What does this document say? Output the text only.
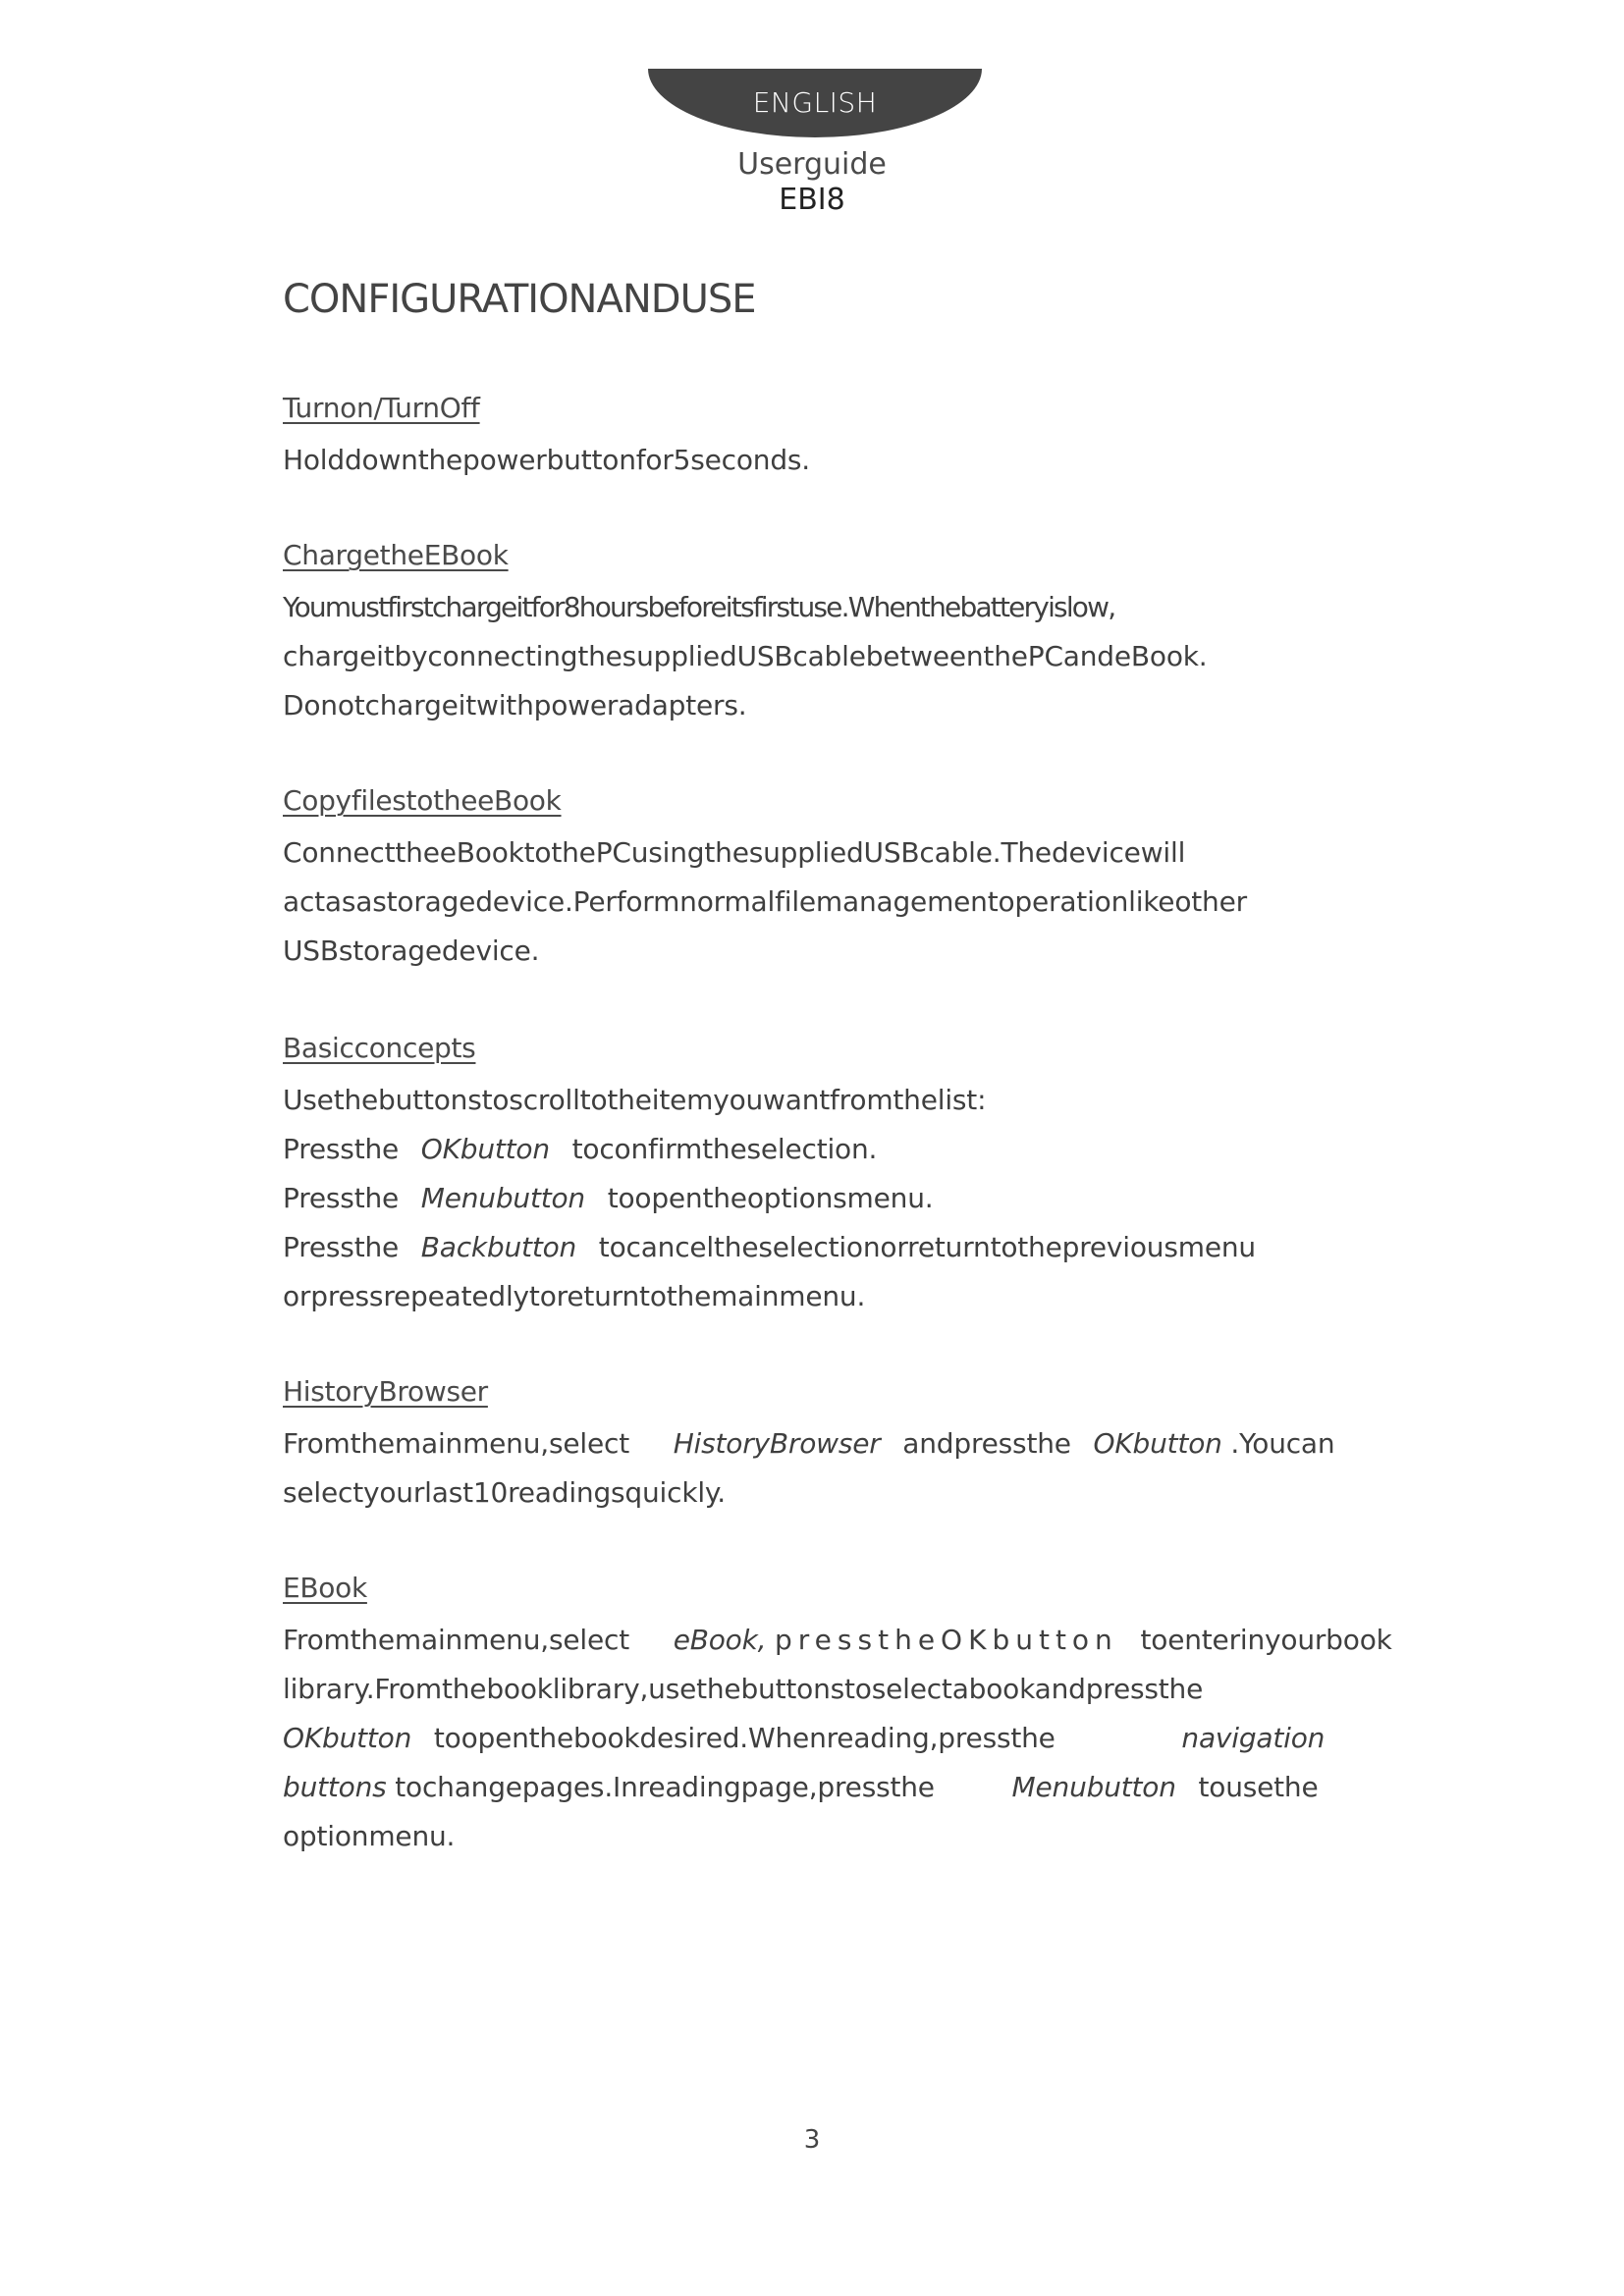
ENGLISH
Userguide
EBI8
CONFIGURATIONANDUSE
Turnon/TurnOff
Holddownthepowerbuttonfor5seconds.
ChargetheEBook
Youmustfirstchargeitfor8hoursbeforeitsfirstuse.Whenthebatteryislow,
chargeitbyconnectingthesuppliedUSBcablebetweenthePCandeBook.
Donotchargeitwithpoweradapters.
CopyfilestotheeBook
ConnecttheeBooktothePCusingthesuppliedUSBcable.Thedevicewill
actasastoragedevice.Performnormalfilemanagementoperationlikeother
USBstoragedevice.
Basicconcepts
Usethebuttonstoscrolltotheitemyouwantfromthelist:
Pressthe OKbutton toconfirmtheselection.
Pressthe Menubutton toopentheoptionsmenu.
Pressthe Backbutton tocanceltheselectionorreturntothepreviousmenu
orpressrepeatedlytoreturntothemainmenu.
HistoryBrowser
Fromthemainmenu,select HistoryBrowser andpressthe OKbutton .Youcan
selectyourlast10readingsquickly.
EBook
Fromthemainmenu,select eBook, presstheOKbutton toenterinyourbook
library.Fromthebooklibrary,usethebuttonstoselectabookandpressthe
OKbutton toopenthebookdesired.Whenreading,pressthe	navigation
buttons tochangepages.Inreadingpage,pressthe	Menubutton tousethe
optionmenu.
3
